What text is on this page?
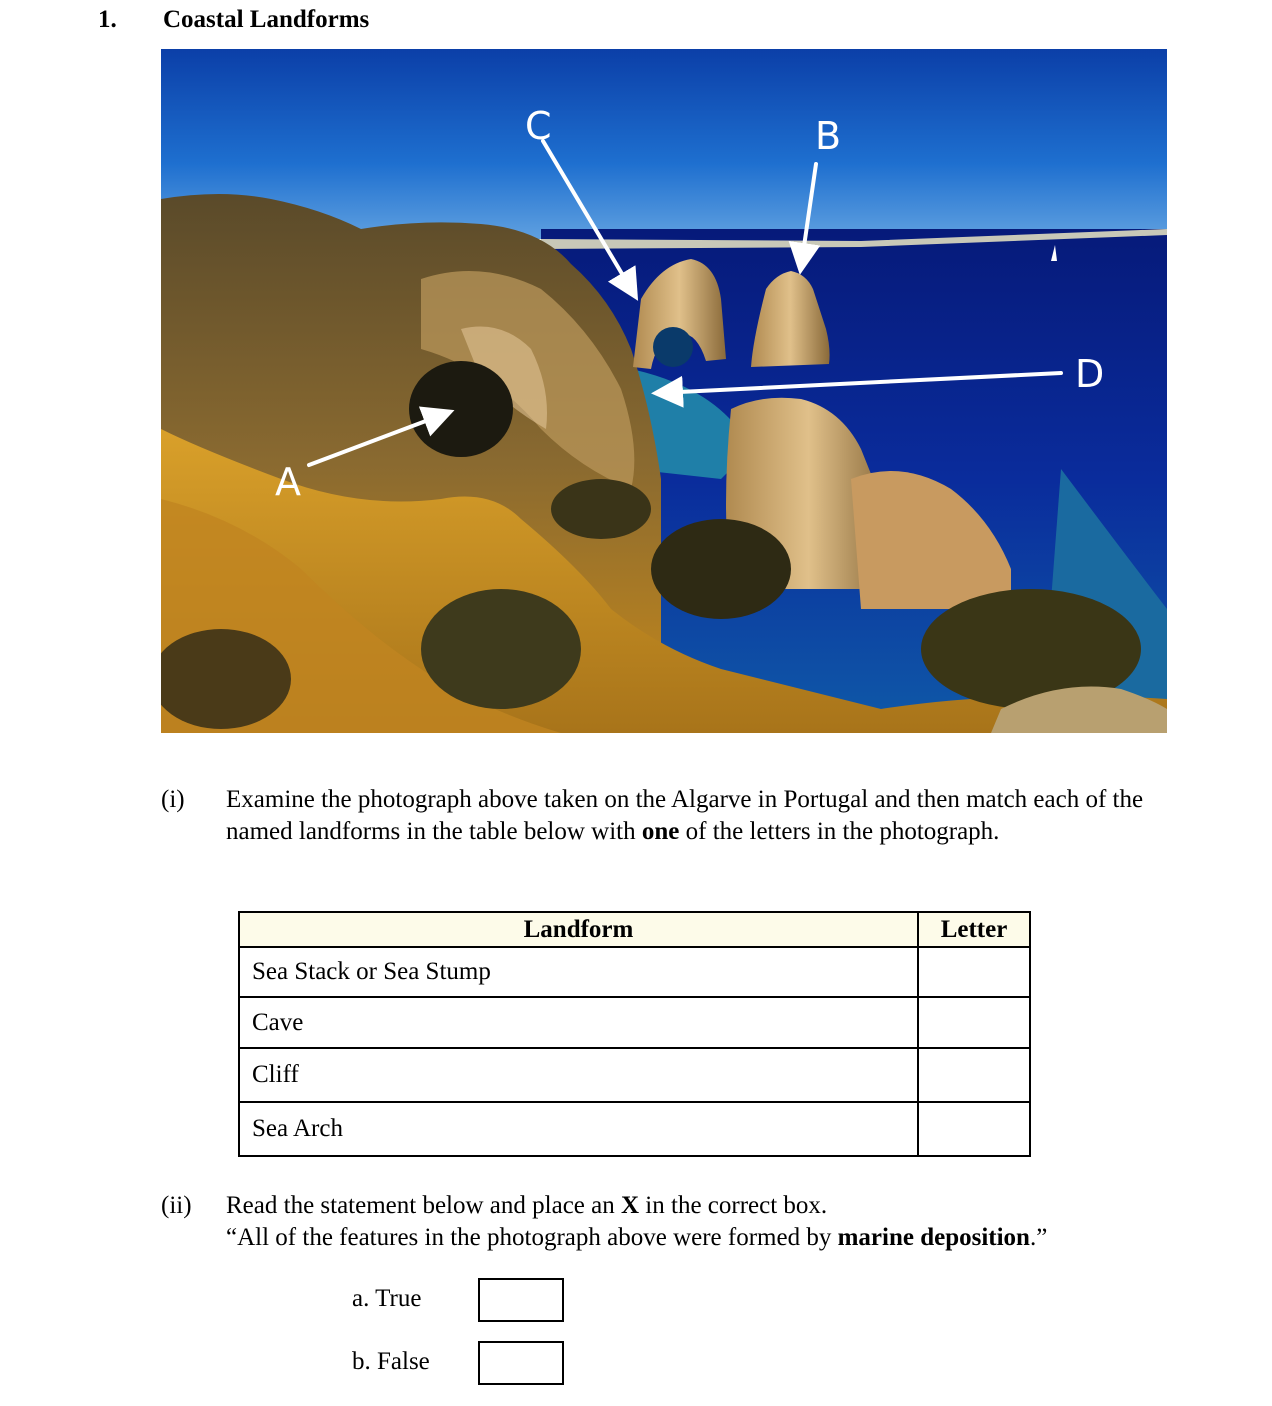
1. Coastal Landforms
A
B
C
D
(i) Examine the photograph above taken on the Algarve in Portugal and then match each of the named landforms in the table below with one of the letters in the photograph.
Landform	Letter
Sea Stack or Sea Stump	
Cave	
Cliff	
Sea Arch	
(ii) Read the statement below and place an X in the correct box.
“All of the features in the photograph above were formed by marine deposition.”
a. True
b. False
